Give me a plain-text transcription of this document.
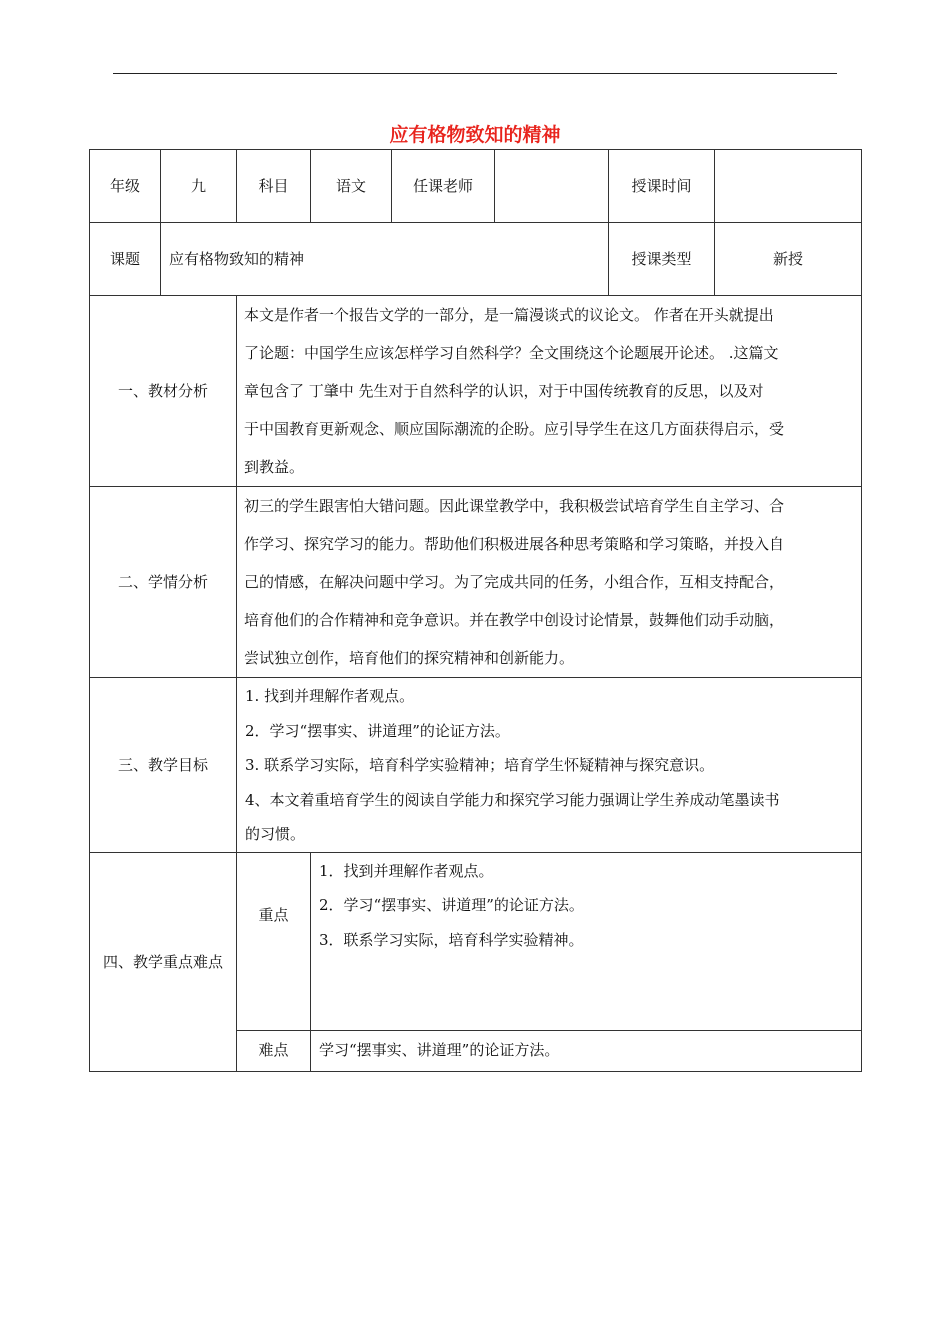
应有格物致知的精神
年级	九	科目	语文	任课老师		授课时间	
课题	应有格物致知的精神					授课类型	新授
一、教材分析		本文是作者一个报告文学的一部分，是一篇漫谈式的议论文。 作者在开头就提出
了论题：中国学生应该怎样学习自然科学？全文围绕这个论题展开论述。 .这篇文
章包含了 丁肇中 先生对于自然科学的认识，对于中国传统教育的反思，以及对
于中国教育更新观念、顺应国际潮流的企盼。应引导学生在这几方面获得启示，受
到教益。					

二、学情分析		初三的学生跟害怕大错问题。因此课堂教学中，我积极尝试培育学生自主学习、合
作学习、探究学习的能力。帮助他们积极进展各种思考策略和学习策略，并投入自
己的情感，在解决问题中学习。为了完成共同的任务，小组合作，互相支持配合，
培育他们的合作精神和竞争意识。并在教学中创设讨论情景，鼓舞他们动手动脑，
尝试独立创作，培育他们的探究精神和创新能力。					

三、教学目标		1. 找到并理解作者观点。
2．学习“摆事实、讲道理”的论证方法。
3. 联系学习实际，培育科学实验精神；培育学生怀疑精神与探究意识。
4、本文着重培育学生的阅读自学能力和探究学习能力强调让学生养成动笔墨读书
的习惯。					

四、教学重点难点		重点	1．找到并理解作者观点。
2．学习“摆事实、讲道理”的论证方法。
3．联系学习实际，培育科学实验精神。				

		难点	学习“摆事实、讲道理”的论证方法。				
